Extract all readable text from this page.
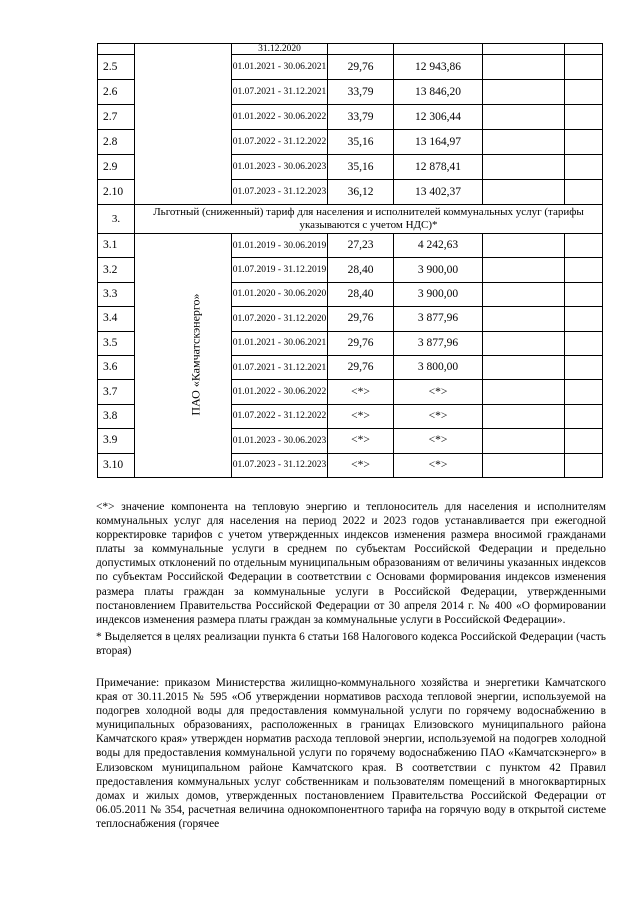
		31.12.2020				
2.5		01.01.2021 - 30.06.2021	29,76	12 943,86		
2.6		01.07.2021 - 31.12.2021	33,79	13 846,20		
2.7		01.01.2022 - 30.06.2022	33,79	12 306,44		
2.8		01.07.2022 - 31.12.2022	35,16	13 164,97		
2.9		01.01.2023 - 30.06.2023	35,16	12 878,41		
2.10		01.07.2023 - 31.12.2023	36,12	13 402,37		
3.	Льготный (сниженный) тариф для населения и исполнителей коммунальных услуг (тарифы указываются с учетом НДС)*					
3.1	ПАО «Камчатскэнерго»	01.01.2019 - 30.06.2019	27,23	4 242,63		
3.2		01.07.2019 - 31.12.2019	28,40	3 900,00		
3.3		01.01.2020 - 30.06.2020	28,40	3 900,00		
3.4		01.07.2020 - 31.12.2020	29,76	3 877,96		
3.5		01.01.2021 - 30.06.2021	29,76	3 877,96		
3.6		01.07.2021 - 31.12.2021	29,76	3 800,00		
3.7		01.01.2022 - 30.06.2022	<*>	<*>		
3.8		01.07.2022 - 31.12.2022	<*>	<*>		
3.9		01.01.2023 - 30.06.2023	<*>	<*>		
3.10		01.07.2023 - 31.12.2023	<*>	<*>		

<*> значение компонента на тепловую энергию и теплоноситель для населения и исполнителям коммунальных услуг для населения на период 2022 и 2023 годов устанавливается при ежегодной корректировке тарифов с учетом утвержденных индексов изменения размера вносимой гражданами платы за коммунальные услуги в среднем по субъектам Российской Федерации и предельно допустимых отклонений по отдельным муниципальным образованиям от величины указанных индексов по субъектам Российской Федерации в соответствии с Основами формирования индексов изменения размера платы граждан за коммунальные услуги в Российской Федерации, утвержденными постановлением Правительства Российской Федерации от 30 апреля 2014 г. № 400 «О формировании индексов изменения размера платы граждан за коммунальные услуги в Российской Федерации».

* Выделяется в целях реализации пункта 6 статьи 168 Налогового кодекса Российской Федерации (часть вторая)

Примечание: приказом Министерства жилищно-коммунального хозяйства и энергетики Камчатского края от 30.11.2015 № 595 «Об утверждении нормативов расхода тепловой энергии, используемой на подогрев холодной воды для предоставления коммунальной услуги по горячему водоснабжению в муниципальных образованиях, расположенных в границах Елизовского муниципального района Камчатского края» утвержден норматив расхода тепловой энергии, используемой на подогрев холодной воды для предоставления коммунальной услуги по горячему водоснабжению ПАО «Камчатскэнерго» в Елизовском муниципальном районе Камчатского края. В соответствии с пунктом 42 Правил предоставления коммунальных услуг собственникам и пользователям помещений в многоквартирных домах и жилых домов, утвержденных постановлением Правительства Российской Федерации от 06.05.2011 № 354, расчетная величина однокомпонентного тарифа на горячую воду в открытой системе теплоснабжения (горячее
